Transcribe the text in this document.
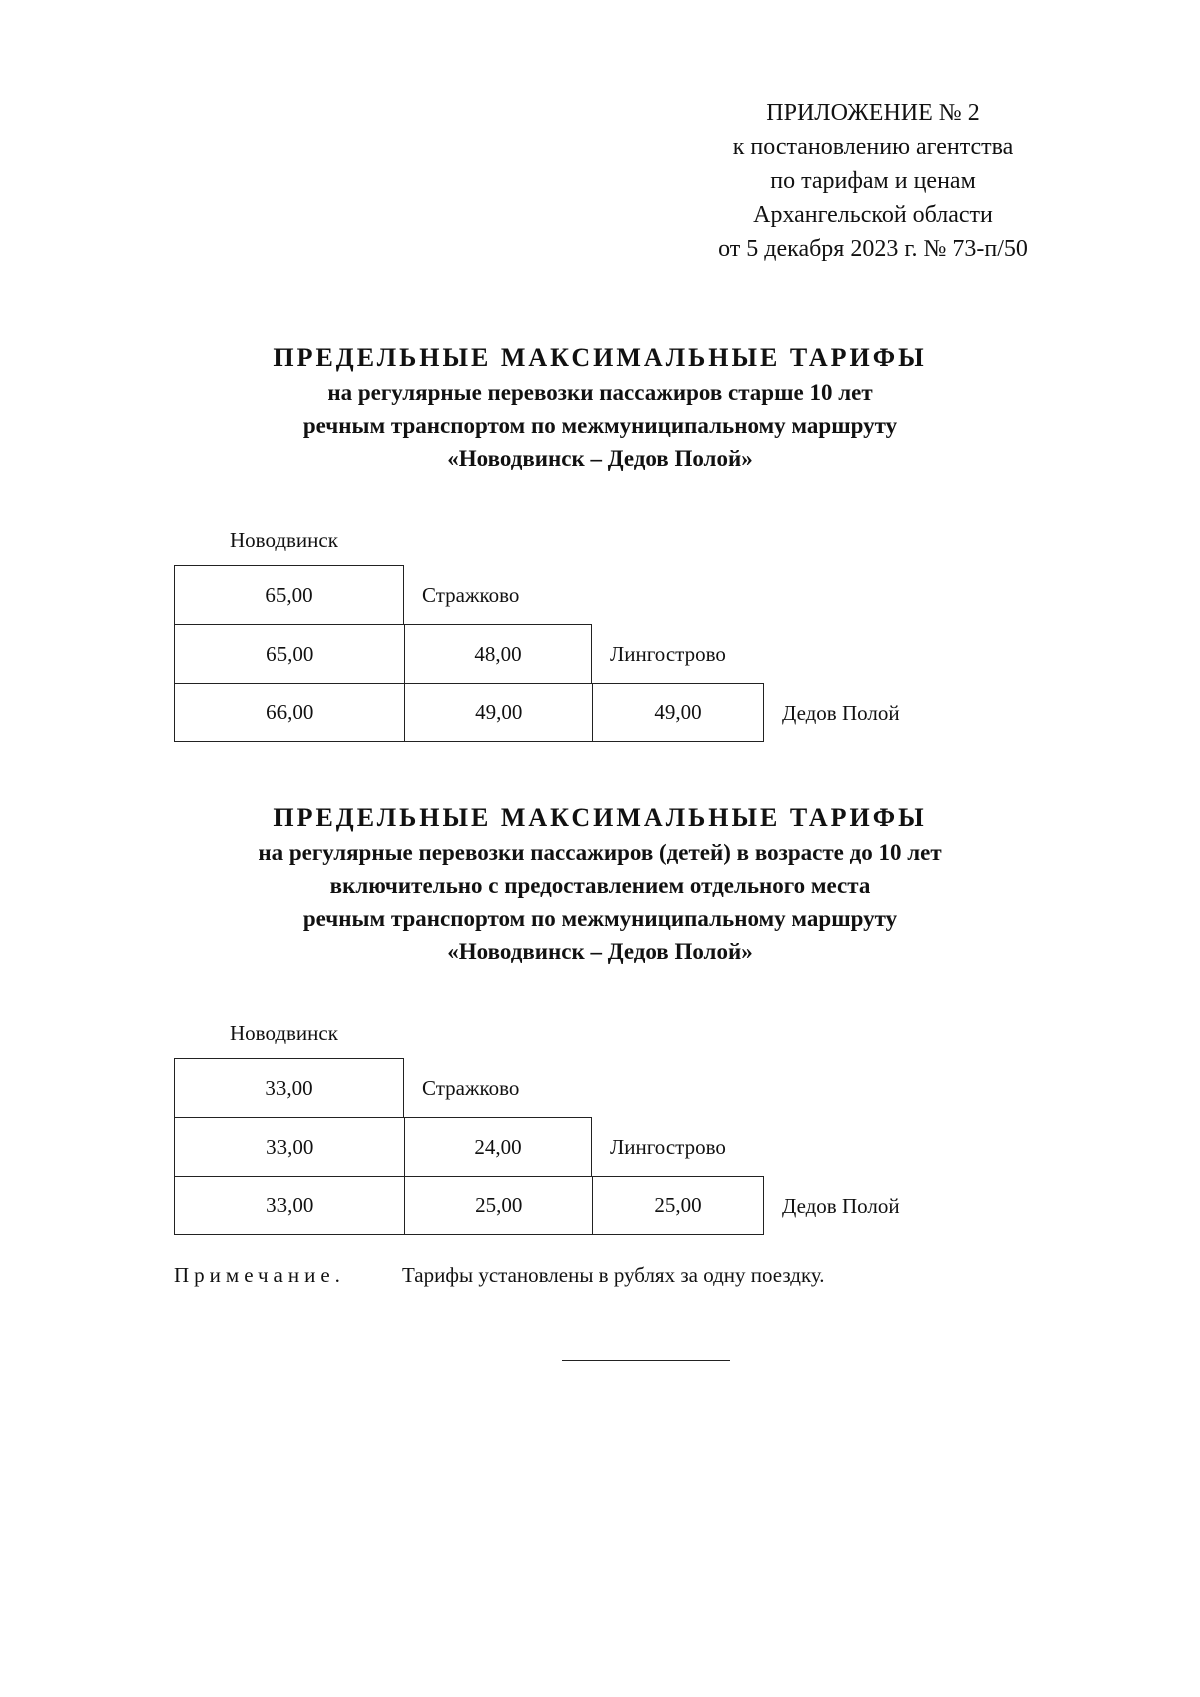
ПРИЛОЖЕНИЕ № 2
к постановлению агентства
по тарифам и ценам
Архангельской области
от 5 декабря 2023 г. № 73-п/50
ПРЕДЕЛЬНЫЕ МАКСИМАЛЬНЫЕ ТАРИФЫ
на регулярные перевозки пассажиров старше 10 лет
речным транспортом по межмуниципальному маршруту
«Новодвинск – Дедов Полой»
Новодвинск
65,00	Стражково
65,00	48,00	Лингострово
66,00	49,00	49,00	Дедов Полой
ПРЕДЕЛЬНЫЕ МАКСИМАЛЬНЫЕ ТАРИФЫ
на регулярные перевозки пассажиров (детей) в возрасте до 10 лет
включительно с предоставлением отдельного места
речным транспортом по межмуниципальному маршруту
«Новодвинск – Дедов Полой»
Новодвинск
33,00	Стражково
33,00	24,00	Лингострово
33,00	25,00	25,00	Дедов Полой
Примечание.	Тарифы установлены в рублях за одну поездку.
